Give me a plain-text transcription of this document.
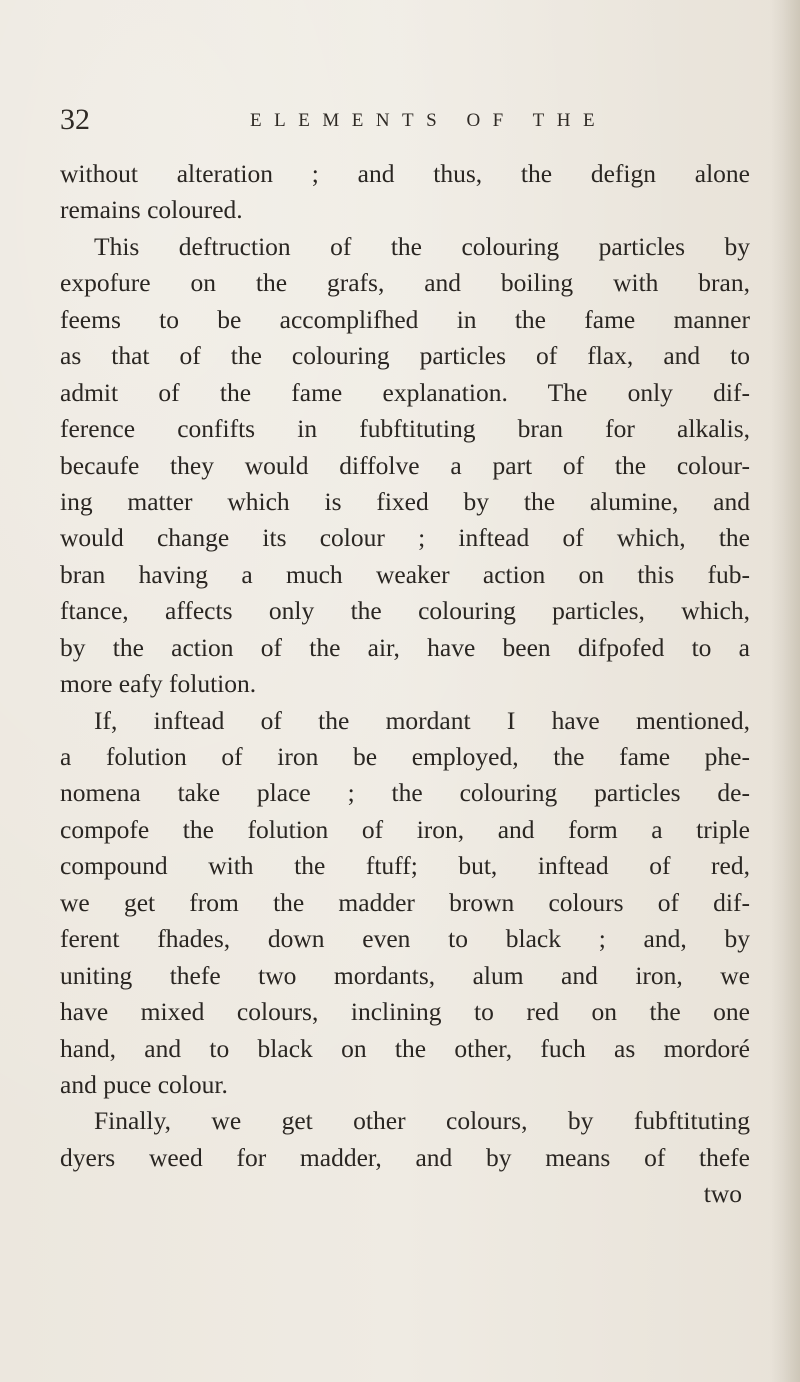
32	ELEMENTS OF THE
without alteration ; and thus, the defign alone
remains coloured.
This deftruction of the colouring particles by
expofure on the grafs, and boiling with bran,
feems to be accomplifhed in the fame manner
as that of the colouring particles of flax, and to
admit of the fame explanation. The only dif-
ference confifts in fubftituting bran for alkalis,
becaufe they would diffolve a part of the colour-
ing matter which is fixed by the alumine, and
would change its colour ; inftead of which, the
bran having a much weaker action on this fub-
ftance, affects only the colouring particles, which,
by the action of the air, have been difpofed to a
more eafy folution.
If, inftead of the mordant I have mentioned,
a folution of iron be employed, the fame phe-
nomena take place ; the colouring particles de-
compofe the folution of iron, and form a triple
compound with the ftuff; but, inftead of red,
we get from the madder brown colours of dif-
ferent fhades, down even to black ; and, by
uniting thefe two mordants, alum and iron, we
have mixed colours, inclining to red on the one
hand, and to black on the other, fuch as mordoré
and puce colour.
Finally, we get other colours, by fubftituting
dyers weed for madder, and by means of thefe
two
